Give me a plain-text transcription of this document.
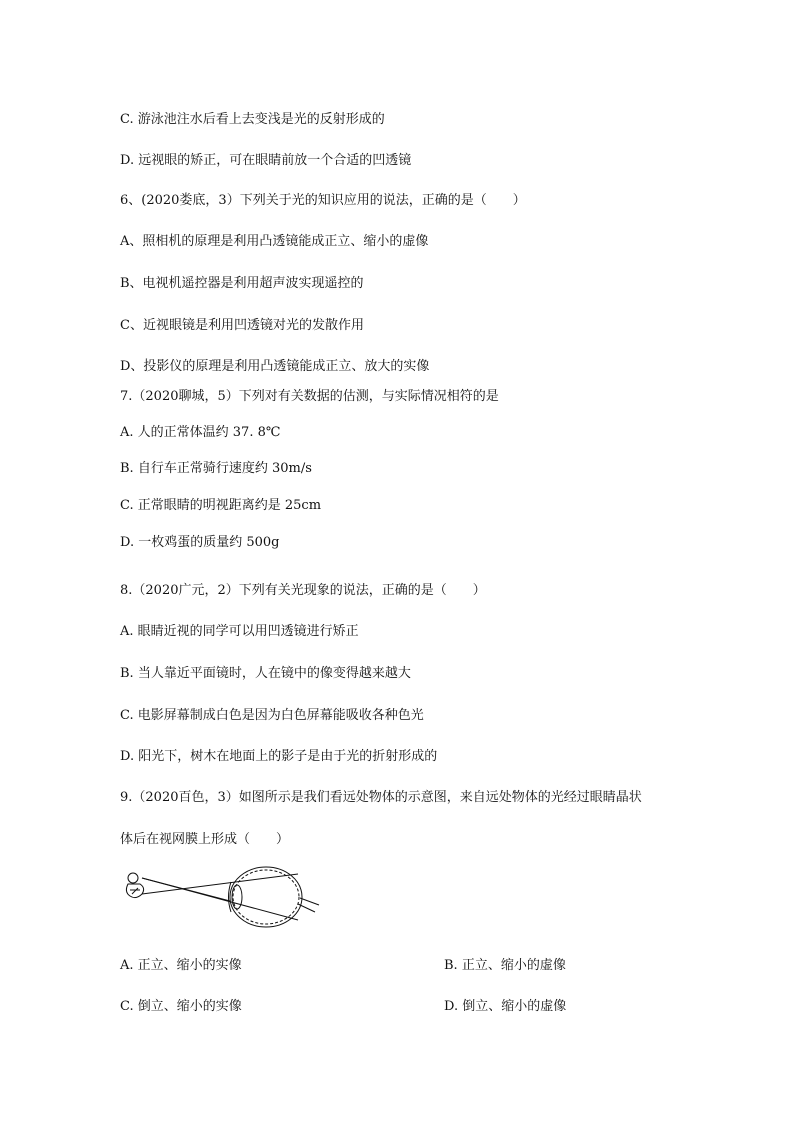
C. 游泳池注水后看上去变浅是光的反射形成的
D. 远视眼的矫正，可在眼睛前放一个合适的凹透镜
6、(2020娄底，3）下列关于光的知识应用的说法，正确的是（　　）
A、照相机的原理是利用凸透镜能成正立、缩小的虚像
B、电视机遥控器是利用超声波实现遥控的
C、近视眼镜是利用凹透镜对光的发散作用
D、投影仪的原理是利用凸透镜能成正立、放大的实像
7.（2020聊城，5）下列对有关数据的估测，与实际情况相符的是
A. 人的正常体温约 37. 8℃
B. 自行车正常骑行速度约 30m/s
C. 正常眼睛的明视距离约是 25cm
D. 一枚鸡蛋的质量约 500g
8.（2020广元，2）下列有关光现象的说法，正确的是（　　）
A. 眼睛近视的同学可以用凹透镜进行矫正
B. 当人靠近平面镜时，人在镜中的像变得越来越大
C. 电影屏幕制成白色是因为白色屏幕能吸收各种色光
D. 阳光下，树木在地面上的影子是由于光的折射形成的
9.（2020百色，3）如图所示是我们看远处物体的示意图，来自远处物体的光经过眼睛晶状
体后在视网膜上形成（　　）
A. 正立、缩小的实像	B. 正立、缩小的虚像
C. 倒立、缩小的实像	D. 倒立、缩小的虚像
